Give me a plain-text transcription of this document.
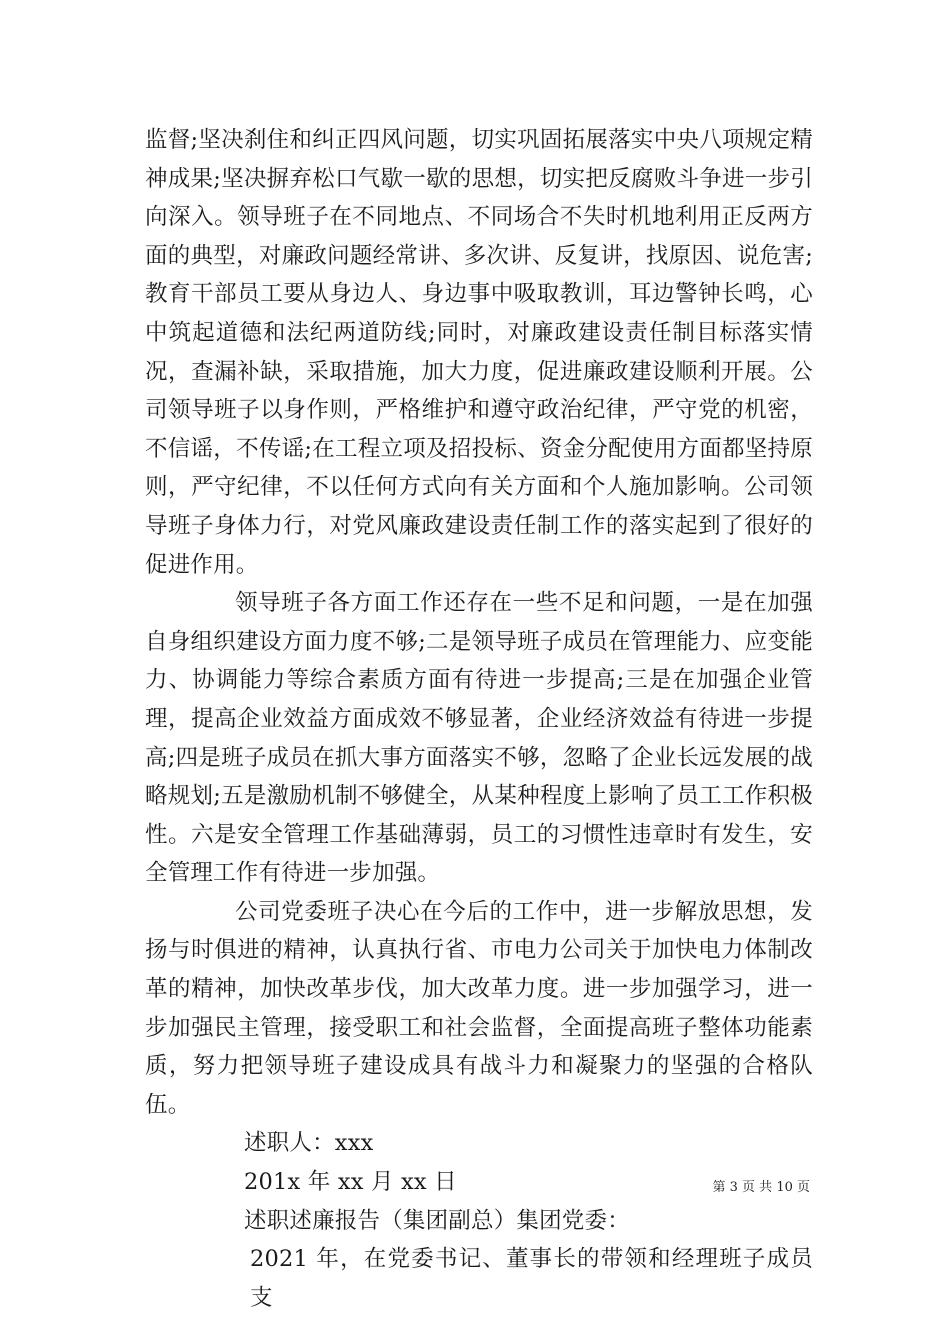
监督;坚决刹住和纠正四风问题，切实巩固拓展落实中央八项规定精神成果;坚决摒弃松口气歇一歇的思想，切实把反腐败斗争进一步引向深入。领导班子在不同地点、不同场合不失时机地利用正反两方面的典型，对廉政问题经常讲、多次讲、反复讲，找原因、说危害;教育干部员工要从身边人、身边事中吸取教训，耳边警钟长鸣，心中筑起道德和法纪两道防线;同时，对廉政建设责任制目标落实情况，查漏补缺，采取措施，加大力度，促进廉政建设顺利开展。公司领导班子以身作则，严格维护和遵守政治纪律，严守党的机密，不信谣，不传谣;在工程立项及招投标、资金分配使用方面都坚持原则，严守纪律，不以任何方式向有关方面和个人施加影响。公司领导班子身体力行，对党风廉政建设责任制工作的落实起到了很好的促进作用。

领导班子各方面工作还存在一些不足和问题，一是在加强自身组织建设方面力度不够;二是领导班子成员在管理能力、应变能力、协调能力等综合素质方面有待进一步提高;三是在加强企业管理，提高企业效益方面成效不够显著，企业经济效益有待进一步提高;四是班子成员在抓大事方面落实不够，忽略了企业长远发展的战略规划;五是激励机制不够健全，从某种程度上影响了员工工作积极性。六是安全管理工作基础薄弱，员工的习惯性违章时有发生，安全管理工作有待进一步加强。

公司党委班子决心在今后的工作中，进一步解放思想，发扬与时俱进的精神，认真执行省、市电力公司关于加快电力体制改革的精神，加快改革步伐，加大改革力度。进一步加强学习，进一步加强民主管理，接受职工和社会监督，全面提高班子整体功能素质，努力把领导班子建设成具有战斗力和凝聚力的坚强的合格队伍。

述职人：xxx

201x 年 xx 月 xx 日

述职述廉报告（集团副总）集团党委：

2021 年，在党委书记、董事长的带领和经理班子成员支

第 3 页 共 10 页
